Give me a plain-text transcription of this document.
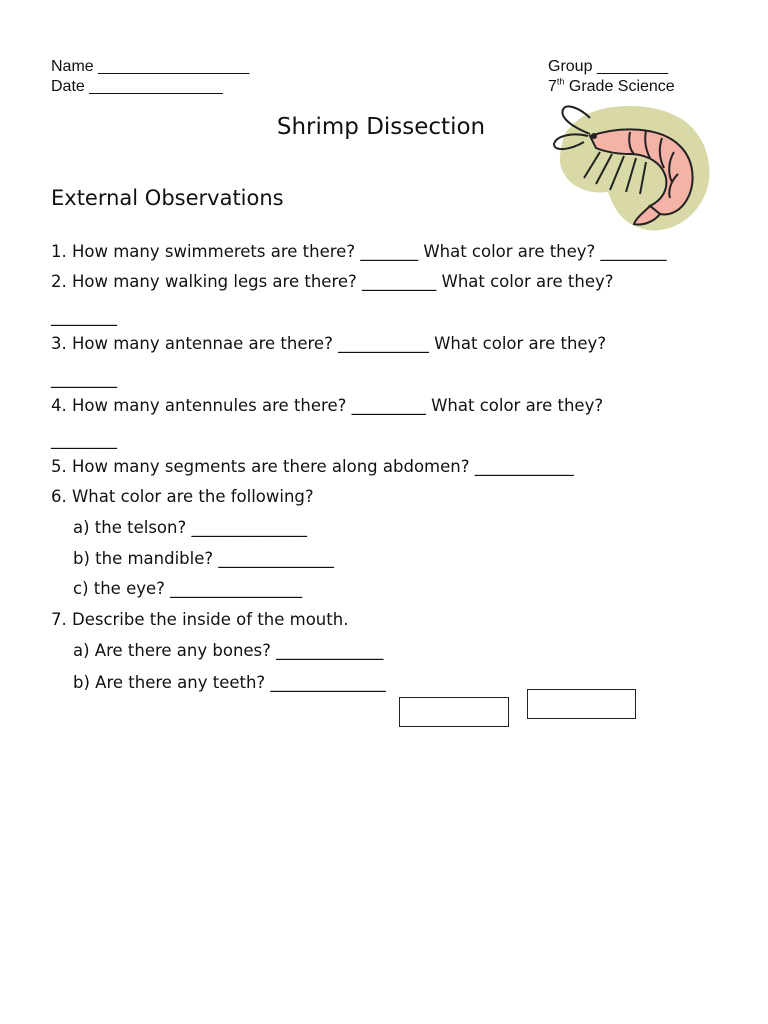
Name _________________
Date _______________
Group ________
7th Grade Science
Shrimp Dissection
External Observations
1. How many swimmerets are there? _______ What color are they? ________
2. How many walking legs are there? _________ What color are they?
________
3. How many antennae are there? ___________ What color are they?
________
4. How many antennules are there? _________ What color are they?
________
5. How many segments are there along abdomen? ____________
6. What color are the following?
a) the telson? ______________
b) the mandible? ______________
c) the eye? ________________
7. Describe the inside of the mouth.
a) Are there any bones? _____________
b) Are there any teeth? ______________
